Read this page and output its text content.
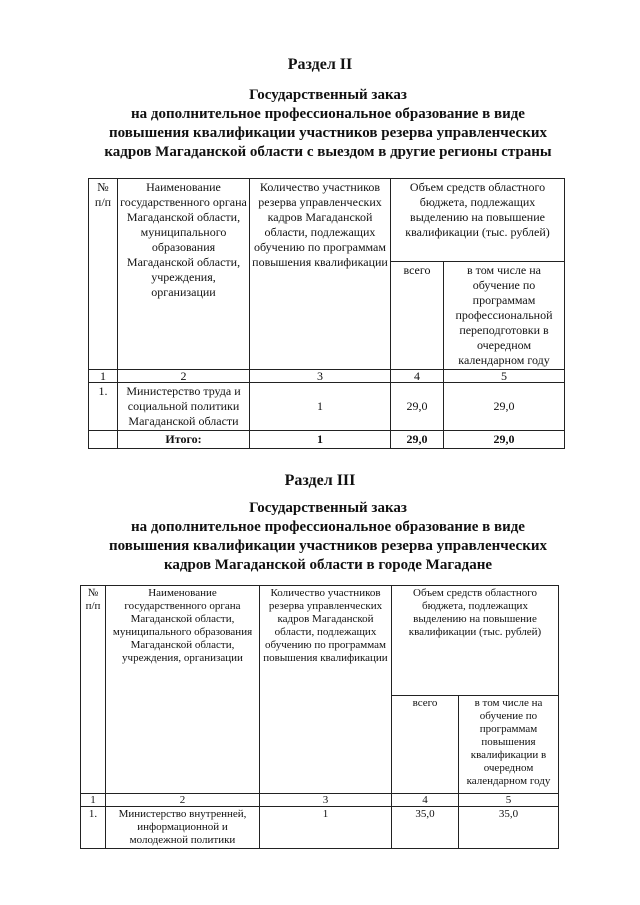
Раздел II
Государственный заказ
на дополнительное профессиональное образование в виде
повышения квалификации участников резерва управленческих
кадров Магаданской области с выездом в другие регионы страны
№ п/п	Наименование государственного органа Магаданской области, муниципального образования Магаданской области, учреждения, организации	Количество участников резерва управленческих кадров Магаданской области, подлежащих обучению по программам повышения квалификации	Объем средств областного бюджета, подлежащих выделению на повышение квалификации (тыс. рублей)	
			всего	в том числе на обучение по программам профессиональной переподготовки в очередном календарном году
1	2	3	4	5
1.	Министерство труда и социальной политики Магаданской области	1	29,0	29,0
	Итого:	1	29,0	29,0
Раздел III
Государственный заказ
на дополнительное профессиональное образование в виде
повышения квалификации участников резерва управленческих
кадров Магаданской области в городе Магадане
№ п/п	Наименование государственного органа Магаданской области, муниципального образования Магаданской области, учреждения, организации	Количество участников резерва управленческих кадров Магаданской области, подлежащих обучению по программам повышения квалификации	Объем средств областного бюджета, подлежащих выделению на повышение квалификации (тыс. рублей)	
			всего	в том числе на обучение по программам повышения квалификации в очередном календарном году
1	2	3	4	5
1.	Министерство внутренней, информационной и молодежной политики	1	35,0	35,0
